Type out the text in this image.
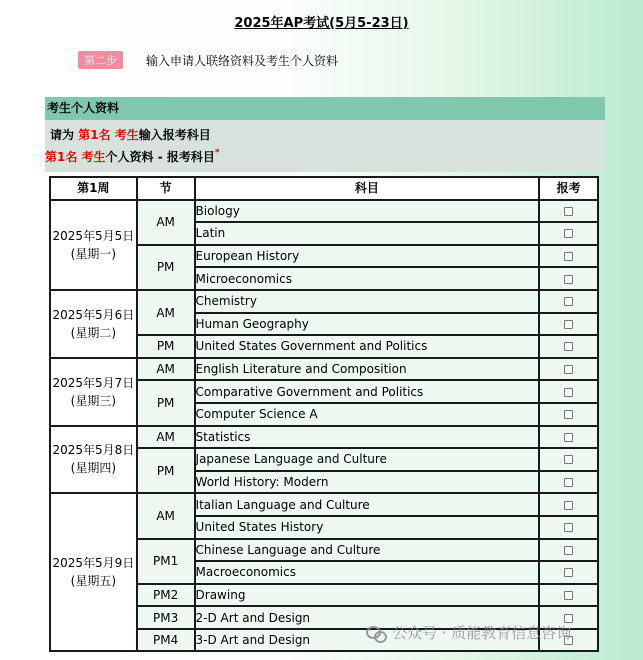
2025年AP考试(5月5-23日)
第二步	输入申请人联络资料及考生个人资料
考生个人资料
请为 第1名 考生输入报考科目
第1名 考生个人资料 - 报考科目*
第1周	节	科目	报考

2025年5月5日
(星期一)	AM	Biology	
		Latin	
	PM	European History	
		Microeconomics	

2025年5月6日
(星期二)	AM	Chemistry	
		Human Geography	
	PM	United States Government and Politics	

2025年5月7日
(星期三)	AM	English Literature and Composition	
	PM	Comparative Government and Politics	
		Computer Science A	

2025年5月8日
(星期四)	AM	Statistics	
	PM	Japanese Language and Culture	
		World History: Modern	

2025年5月9日
(星期五)	AM	Italian Language and Culture	
		United States History	
	PM1	Chinese Language and Culture	
		Macroeconomics	
	PM2	Drawing	
	PM3	2-D Art and Design	
	PM4	3-D Art and Design		公众号 · 质能教育信息咨询
